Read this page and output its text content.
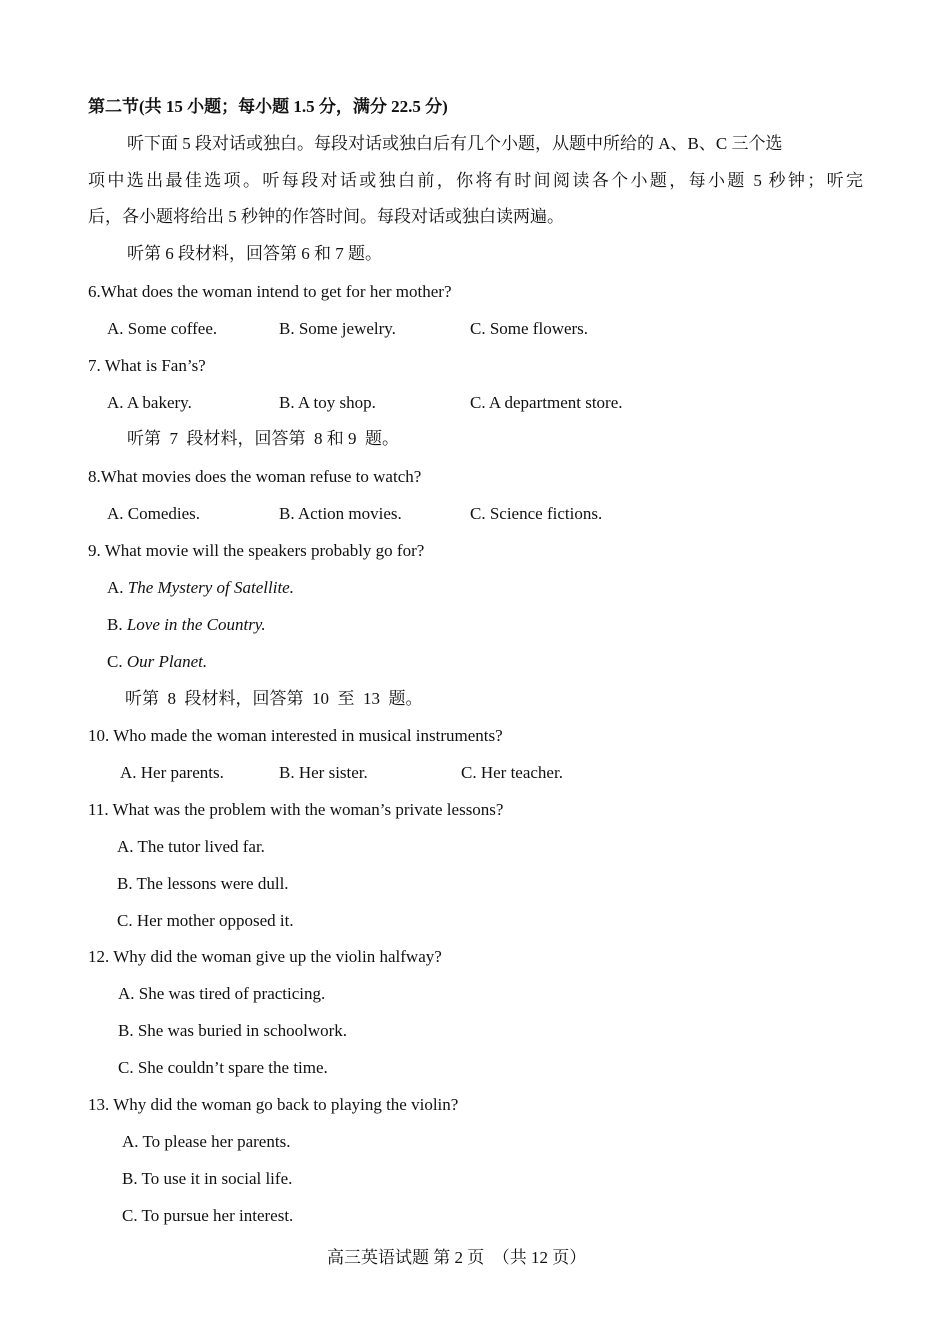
第二节(共 15 小题；每小题 1.5 分，满分 22.5 分)
听下面 5 段对话或独白。每段对话或独白后有几个小题，从题中所给的 A、B、C 三个选
项中选出最佳选项。听每段对话或独白前，你将有时间阅读各个小题，每小题 5 秒钟；听完
后，各小题将给出 5 秒钟的作答时间。每段对话或独白读两遍。
听第 6 段材料，回答第 6 和 7 题。
6.What does the woman intend to get for her mother?
A. Some coffee.	B. Some jewelry.	C. Some flowers.
7. What is Fan’s?
A. A bakery.	B. A toy shop.	C. A department store.
听第  7  段材料，回答第  8 和 9  题。
8.What movies does the woman refuse to watch?
A. Comedies.	B. Action movies.	C. Science fictions.
9. What movie will the speakers probably go for?
A. The Mystery of Satellite.
B. Love in the Country.
C. Our Planet.
听第  8  段材料，回答第  10  至  13  题。
10. Who made the woman interested in musical instruments?
A. Her parents.	B. Her sister.	C. Her teacher.
11. What was the problem with the woman’s private lessons?
A. The tutor lived far.
B. The lessons were dull.
C. Her mother opposed it.
12. Why did the woman give up the violin halfway?
A. She was tired of practicing.
B. She was buried in schoolwork.
C. She couldn’t spare the time.
13. Why did the woman go back to playing the violin?
A. To please her parents.
B. To use it in social life.
C. To pursue her interest.
高三英语试题 第 2 页  （共 12 页）
